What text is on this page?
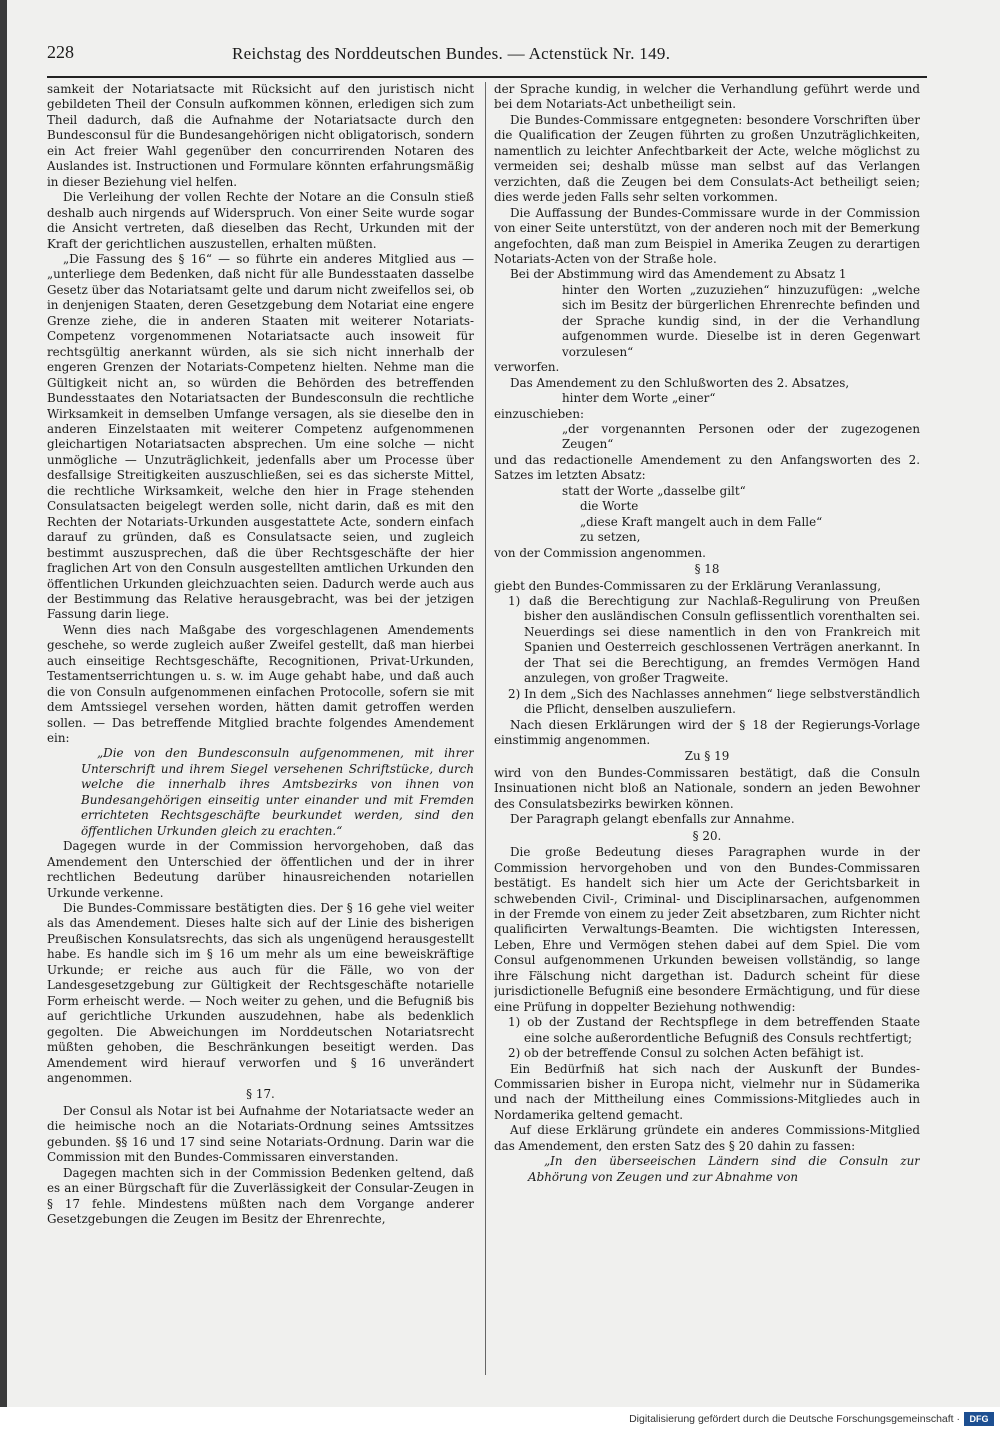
228	Reichstag des Norddeutschen Bundes. — Actenstück Nr. 149.

samkeit der Notariatsacte mit Rücksicht auf den juristisch nicht gebildeten Theil der Consuln aufkommen können, erledigen sich zum Theil dadurch, daß die Aufnahme der Notariatsacte durch den Bundesconsul für die Bundesangehörigen nicht obligatorisch, sondern ein Act freier Wahl gegenüber den concurrirenden Notaren des Auslandes ist. Instructionen und Formulare könnten erfahrungsmäßig in dieser Beziehung viel helfen.

Die Verleihung der vollen Rechte der Notare an die Consuln stieß deshalb auch nirgends auf Widerspruch. Von einer Seite wurde sogar die Ansicht vertreten, daß dieselben das Recht, Urkunden mit der Kraft der gerichtlichen auszustellen, erhalten müßten.

„Die Fassung des § 16“ — so führte ein anderes Mitglied aus — „unterliege dem Bedenken, daß nicht für alle Bundesstaaten dasselbe Gesetz über das Notariatsamt gelte und darum nicht zweifellos sei, ob in denjenigen Staaten, deren Gesetzgebung dem Notariat eine engere Grenze ziehe, die in anderen Staaten mit weiterer Notariats-Competenz vorgenommenen Notariatsacte auch insoweit für rechtsgültig anerkannt würden, als sie sich nicht innerhalb der engeren Grenzen der Notariats-Competenz hielten. Nehme man die Gültigkeit nicht an, so würden die Behörden des betreffenden Bundesstaates den Notariatsacten der Bundesconsuln die rechtliche Wirksamkeit in demselben Umfange versagen, als sie dieselbe den in anderen Einzelstaaten mit weiterer Competenz aufgenommenen gleichartigen Notariatsacten absprechen. Um eine solche — nicht unmögliche — Unzuträglichkeit, jedenfalls aber um Processe über desfallsige Streitigkeiten auszuschließen, sei es das sicherste Mittel, die rechtliche Wirksamkeit, welche den hier in Frage stehenden Consulatsacten beigelegt werden solle, nicht darin, daß es mit den Rechten der Notariats-Urkunden ausgestattete Acte, sondern einfach darauf zu gründen, daß es Consulatsacte seien, und zugleich bestimmt auszusprechen, daß die über Rechtsgeschäfte der hier fraglichen Art von den Consuln ausgestellten amtlichen Urkunden den öffentlichen Urkunden gleichzuachten seien. Dadurch werde auch aus der Bestimmung das Relative herausgebracht, was bei der jetzigen Fassung darin liege.

Wenn dies nach Maßgabe des vorgeschlagenen Amendements geschehe, so werde zugleich außer Zweifel gestellt, daß man hierbei auch einseitige Rechtsgeschäfte, Recognitionen, Privat-Urkunden, Testamentserrichtungen u. s. w. im Auge gehabt habe, und daß auch die von Consuln aufgenommenen einfachen Protocolle, sofern sie mit dem Amtssiegel versehen worden, hätten damit getroffen werden sollen. — Das betreffende Mitglied brachte folgendes Amendement ein:

„Die von den Bundesconsuln aufgenommenen, mit ihrer Unterschrift und ihrem Siegel versehenen Schriftstücke, durch welche die innerhalb ihres Amtsbezirks von ihnen von Bundesangehörigen einseitig unter einander und mit Fremden errichteten Rechtsgeschäfte beurkundet werden, sind den öffentlichen Urkunden gleich zu erachten.“

Dagegen wurde in der Commission hervorgehoben, daß das Amendement den Unterschied der öffentlichen und der in ihrer rechtlichen Bedeutung darüber hinausreichenden notariellen Urkunde verkenne.

Die Bundes-Commissare bestätigten dies. Der § 16 gehe viel weiter als das Amendement. Dieses halte sich auf der Linie des bisherigen Preußischen Konsulatsrechts, das sich als ungenügend herausgestellt habe. Es handle sich im § 16 um mehr als um eine beweiskräftige Urkunde; er reiche aus auch für die Fälle, wo von der Landesgesetzgebung zur Gültigkeit der Rechtsgeschäfte notarielle Form erheischt werde. — Noch weiter zu gehen, und die Befugniß bis auf gerichtliche Urkunden auszudehnen, habe als bedenklich gegolten. Die Abweichungen im Norddeutschen Notariatsrecht müßten gehoben, die Beschränkungen beseitigt werden. Das Amendement wird hierauf verworfen und § 16 unverändert angenommen.

§ 17.

Der Consul als Notar ist bei Aufnahme der Notariatsacte weder an die heimische noch an die Notariats-Ordnung seines Amtssitzes gebunden. §§ 16 und 17 sind seine Notariats-Ordnung. Darin war die Commission mit den Bundes-Commissaren einverstanden.

Dagegen machten sich in der Commission Bedenken geltend, daß es an einer Bürgschaft für die Zuverlässigkeit der Consular-Zeugen in § 17 fehle. Mindestens müßten nach dem Vorgange anderer Gesetzgebungen die Zeugen im Besitz der Ehrenrechte,

der Sprache kundig, in welcher die Verhandlung geführt werde und bei dem Notariats-Act unbetheiligt sein.

Die Bundes-Commissare entgegneten: besondere Vorschriften über die Qualification der Zeugen führten zu großen Unzuträglichkeiten, namentlich zu leichter Anfechtbarkeit der Acte, welche möglichst zu vermeiden sei; deshalb müsse man selbst auf das Verlangen verzichten, daß die Zeugen bei dem Consulats-Act betheiligt seien; dies werde jeden Falls sehr selten vorkommen.

Die Auffassung der Bundes-Commissare wurde in der Commission von einer Seite unterstützt, von der anderen noch mit der Bemerkung angefochten, daß man zum Beispiel in Amerika Zeugen zu derartigen Notariats-Acten von der Straße hole.

Bei der Abstimmung wird das Amendement zu Absatz 1

hinter den Worten „zuzuziehen“ hinzuzufügen: „welche sich im Besitz der bürgerlichen Ehrenrechte befinden und der Sprache kundig sind, in der die Verhandlung aufgenommen wurde. Dieselbe ist in deren Gegenwart vorzulesen“

verworfen.

Das Amendement zu den Schlußworten des 2. Absatzes,

hinter dem Worte „einer“

einzuschieben:

„der vorgenannten Personen oder der zugezogenen Zeugen“

und das redactionelle Amendement zu den Anfangsworten des 2. Satzes im letzten Absatz:

statt der Worte „dasselbe gilt“

die Worte

„diese Kraft mangelt auch in dem Falle“

zu setzen,

von der Commission angenommen.

§ 18

giebt den Bundes-Commissaren zu der Erklärung Veranlassung,

1) daß die Berechtigung zur Nachlaß-Regulirung von Preußen bisher den ausländischen Consuln geflissentlich vorenthalten sei. Neuerdings sei diese namentlich in den von Frankreich mit Spanien und Oesterreich geschlossenen Verträgen anerkannt. In der That sei die Berechtigung, an fremdes Vermögen Hand anzulegen, von großer Tragweite.

2) In dem „Sich des Nachlasses annehmen“ liege selbstverständlich die Pflicht, denselben auszuliefern.

Nach diesen Erklärungen wird der § 18 der Regierungs-Vorlage einstimmig angenommen.

Zu § 19

wird von den Bundes-Commissaren bestätigt, daß die Consuln Insinuationen nicht bloß an Nationale, sondern an jeden Bewohner des Consulatsbezirks bewirken können.

Der Paragraph gelangt ebenfalls zur Annahme.

§ 20.

Die große Bedeutung dieses Paragraphen wurde in der Commission hervorgehoben und von den Bundes-Commissaren bestätigt. Es handelt sich hier um Acte der Gerichtsbarkeit in schwebenden Civil-, Criminal- und Disciplinarsachen, aufgenommen in der Fremde von einem zu jeder Zeit absetzbaren, zum Richter nicht qualificirten Verwaltungs-Beamten. Die wichtigsten Interessen, Leben, Ehre und Vermögen stehen dabei auf dem Spiel. Die vom Consul aufgenommenen Urkunden beweisen vollständig, so lange ihre Fälschung nicht dargethan ist. Dadurch scheint für diese jurisdictionelle Befugniß eine besondere Ermächtigung, und für diese eine Prüfung in doppelter Beziehung nothwendig:

1) ob der Zustand der Rechtspflege in dem betreffenden Staate eine solche außerordentliche Befugniß des Consuls rechtfertigt;

2) ob der betreffende Consul zu solchen Acten befähigt ist.

Ein Bedürfniß hat sich nach der Auskunft der Bundes-Commissarien bisher in Europa nicht, vielmehr nur in Südamerika und nach der Mittheilung eines Commissions-Mitgliedes auch in Nordamerika geltend gemacht.

Auf diese Erklärung gründete ein anderes Commissions-Mitglied das Amendement, den ersten Satz des § 20 dahin zu fassen:

„In den überseeischen Ländern sind die Consuln zur Abhörung von Zeugen und zur Abnahme von

Digitalisierung gefördert durch die Deutsche Forschungsgemeinschaft ·	DFG
